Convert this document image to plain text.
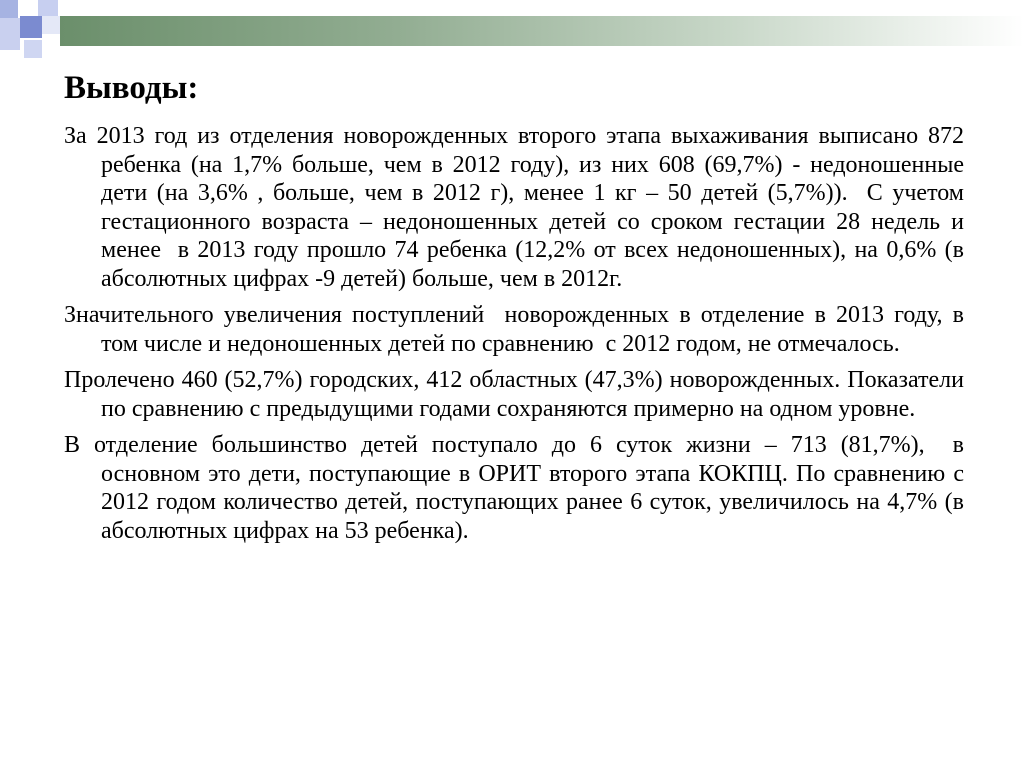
Выводы:

За 2013 год из отделения новорожденных второго этапа выхаживания выписано 872 ребенка (на 1,7% больше, чем в 2012 году), из них 608 (69,7%) - недоношенные дети (на 3,6% , больше, чем в 2012 г), менее 1 кг – 50 детей (5,7%)).  С учетом гестационного возраста – недоношенных детей со сроком гестации 28 недель и менее  в 2013 году прошло 74 ребенка (12,2% от всех недоношенных), на 0,6% (в абсолютных цифрах -9 детей) больше, чем в 2012г.

Значительного увеличения поступлений  новорожденных в отделение в 2013 году, в том числе и недоношенных детей по сравнению  с 2012 годом, не отмечалось.

Пролечено 460 (52,7%) городских, 412 областных (47,3%) новорожденных. Показатели по сравнению с предыдущими годами сохраняются примерно на одном уровне.

В отделение большинство детей поступало до 6 суток жизни – 713 (81,7%),  в основном это дети, поступающие в ОРИТ второго этапа КОКПЦ. По сравнению с 2012 годом количество детей, поступающих ранее 6 суток, увеличилось на 4,7% (в абсолютных цифрах на 53 ребенка).
